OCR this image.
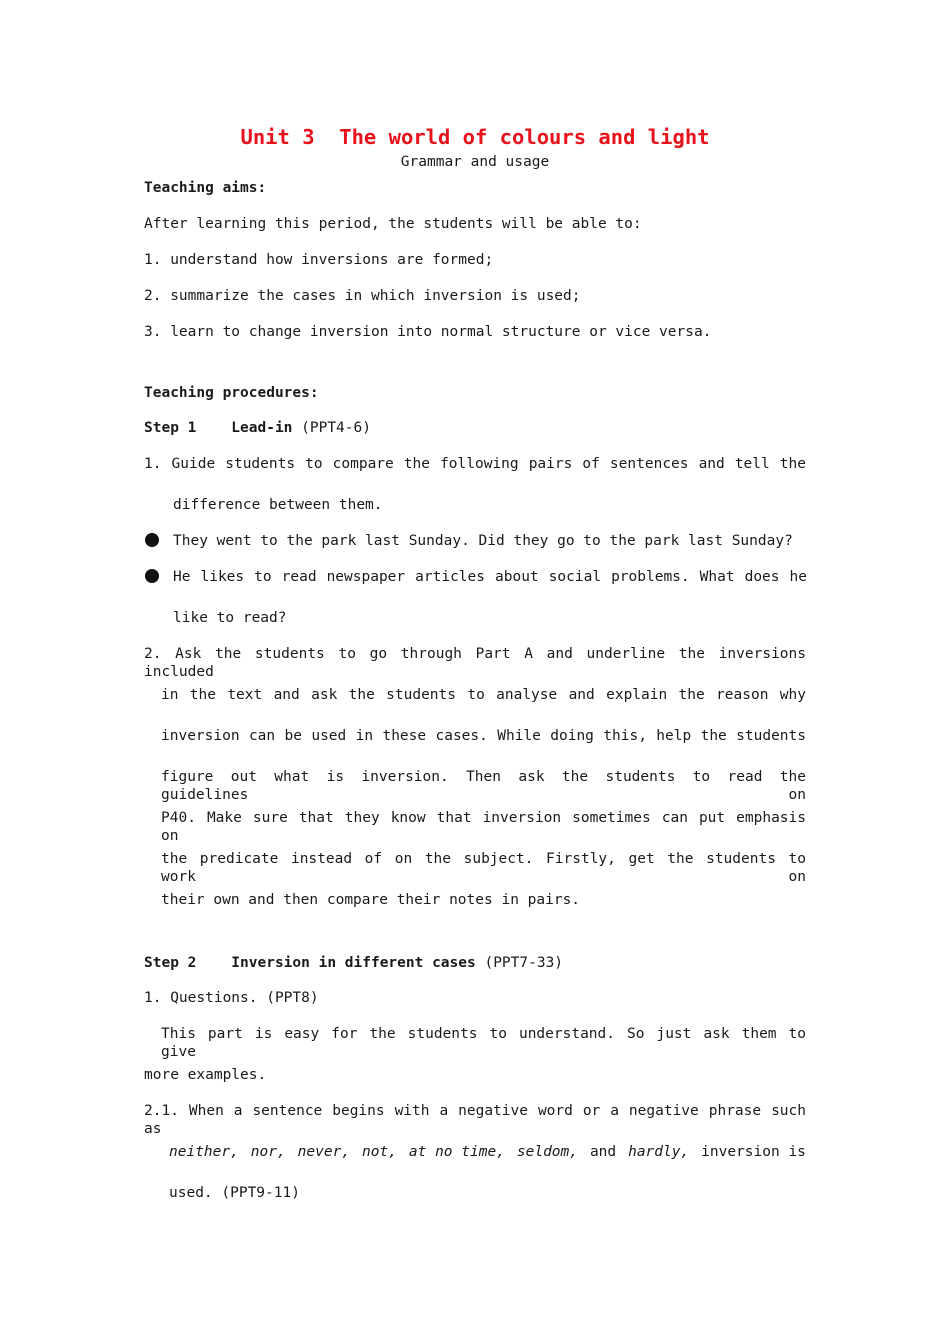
Unit 3  The world of colours and light
Grammar and usage
Teaching aims:
After learning this period, the students will be able to:
1. understand how inversions are formed;
2. summarize the cases in which inversion is used;
3. learn to change inversion into normal structure or vice versa.
Teaching procedures:
Step 1    Lead-in (PPT4-6)
1. Guide students to compare the following pairs of sentences and tell the
difference between them.
They went to the park last Sunday. Did they go to the park last Sunday?
He likes to read newspaper articles about social problems. What does he
like to read?
2. Ask the students to go through Part A and underline the inversions included
in the text and ask the students to analyse and explain the reason why
inversion can be used in these cases. While doing this, help the students
figure out what is inversion. Then ask the students to read the guidelines on
P40. Make sure that they know that inversion sometimes can put emphasis on
the predicate instead of on the subject. Firstly, get the students to work on
their own and then compare their notes in pairs.
Step 2    Inversion in different cases (PPT7-33)
1. Questions. (PPT8)
This part is easy for the students to understand. So just ask them to give
more examples.
2.1. When a sentence begins with a negative word or a negative phrase such as
neither, nor, never, not, at no time, seldom, and hardly, inversion is
used. (PPT9-11)
